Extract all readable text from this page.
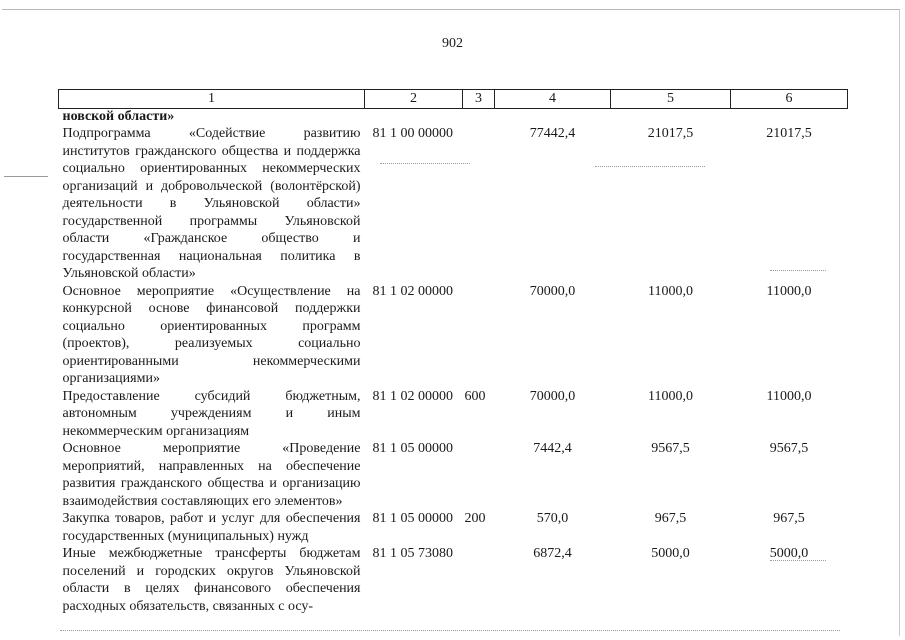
902
1	2	3	4	5	6
новской области»					
Подпрограмма «Содействие развитию институтов гражданского общества и поддержка социально ориентированных некоммерческих организаций и добровольческой (волонтёрской) деятельности в Ульяновской области» государственной программы Ульяновской области «Гражданское общество и государственная национальная политика в Ульяновской области»	81 1 00 00000		77442,4	21017,5	21017,5
Основное мероприятие «Осуществление на конкурсной основе финансовой поддержки социально ориентированных программ (проектов), реализуемых социально ориентированными некоммерческими организациями»	81 1 02 00000		70000,0	11000,0	11000,0
Предоставление субсидий бюджетным, автономным учреждениям и иным некоммерческим организациям	81 1 02 00000	600	70000,0	11000,0	11000,0
Основное мероприятие «Проведение мероприятий, направленных на обеспечение развития гражданского общества и организацию взаимодействия составляющих его элементов»	81 1 05 00000		7442,4	9567,5	9567,5
Закупка товаров, работ и услуг для обеспечения государственных (муниципальных) нужд	81 1 05 00000	200	570,0	967,5	967,5
Иные межбюджетные трансферты бюджетам поселений и городских округов Ульяновской области в целях финансового обеспечения расходных обязательств, связанных с осу-	81 1 05 73080		6872,4	5000,0	5000,0
